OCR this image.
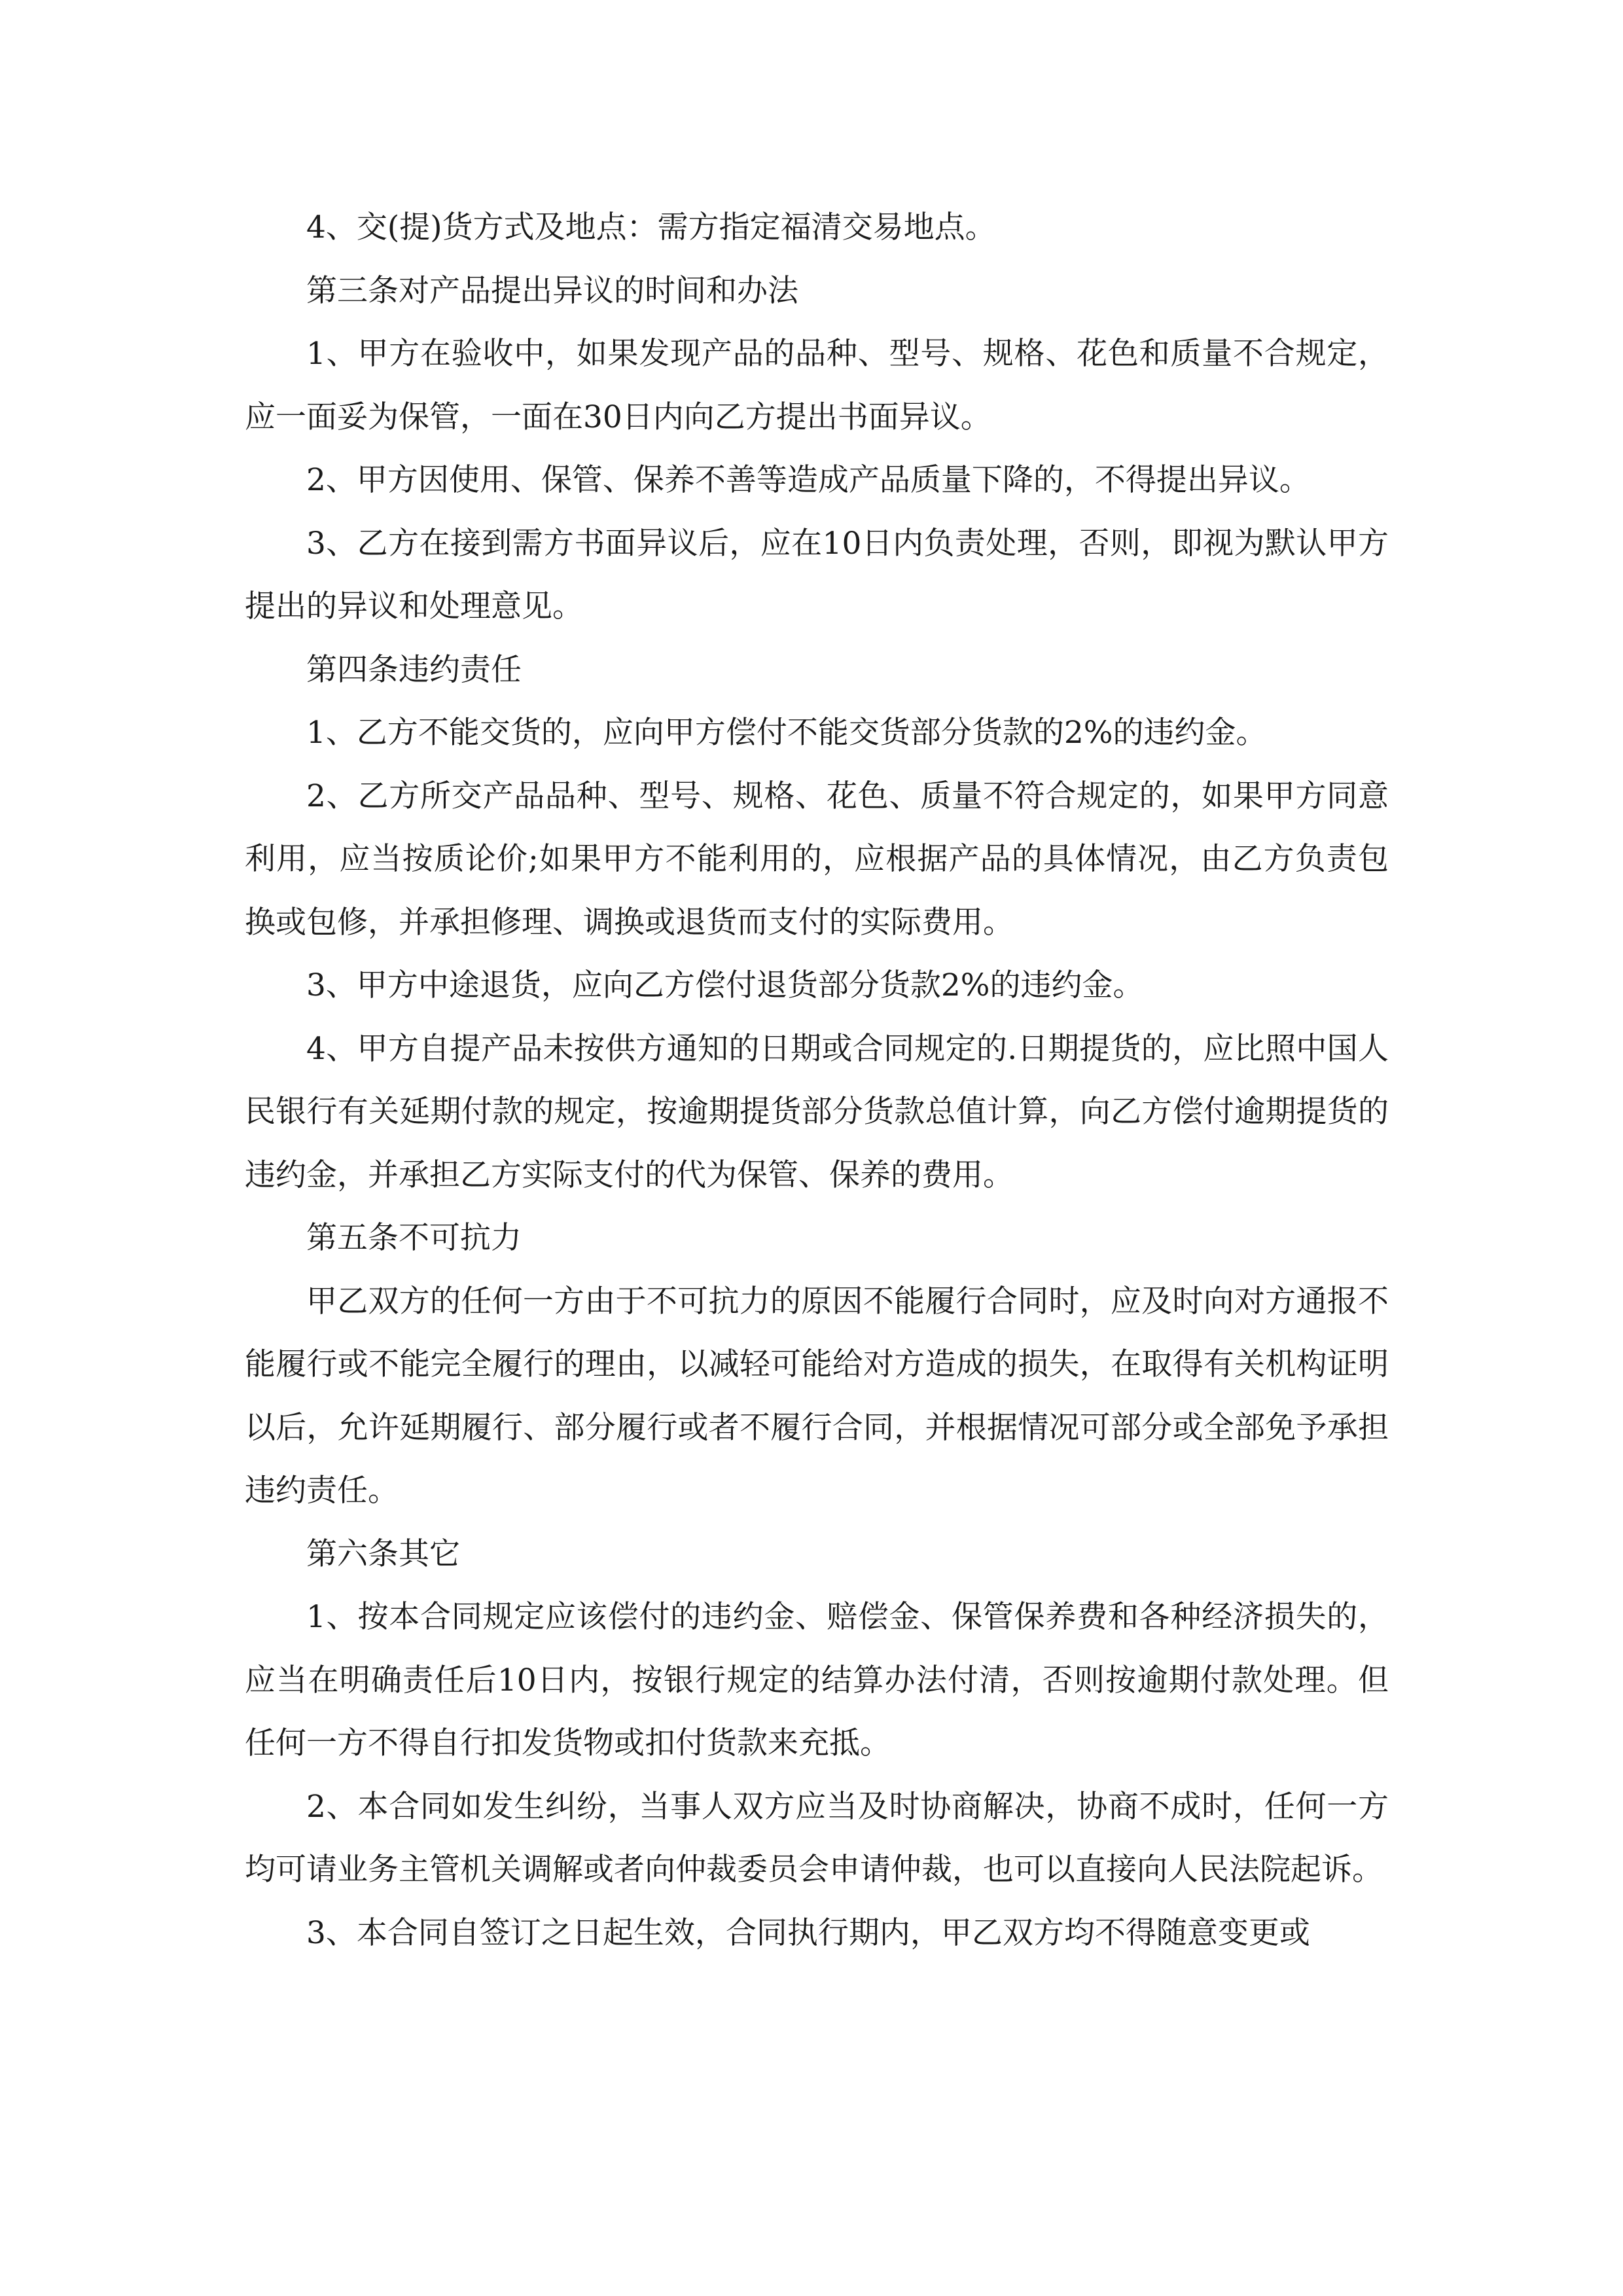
4、交(提)货方式及地点：需方指定福清交易地点。

第三条对产品提出异议的时间和办法

1、甲方在验收中，如果发现产品的品种、型号、规格、花色和质量不合规定，应一面妥为保管，一面在30日内向乙方提出书面异议。

2、甲方因使用、保管、保养不善等造成产品质量下降的，不得提出异议。

3、乙方在接到需方书面异议后，应在10日内负责处理，否则，即视为默认甲方提出的异议和处理意见。

第四条违约责任

1、乙方不能交货的，应向甲方偿付不能交货部分货款的2%的违约金。

2、乙方所交产品品种、型号、规格、花色、质量不符合规定的，如果甲方同意利用，应当按质论价;如果甲方不能利用的，应根据产品的具体情况，由乙方负责包换或包修，并承担修理、调换或退货而支付的实际费用。

3、甲方中途退货，应向乙方偿付退货部分货款2%的违约金。

4、甲方自提产品未按供方通知的日期或合同规定的.日期提货的，应比照中国人民银行有关延期付款的规定，按逾期提货部分货款总值计算，向乙方偿付逾期提货的违约金，并承担乙方实际支付的代为保管、保养的费用。

第五条不可抗力

甲乙双方的任何一方由于不可抗力的原因不能履行合同时，应及时向对方通报不能履行或不能完全履行的理由，以减轻可能给对方造成的损失，在取得有关机构证明以后，允许延期履行、部分履行或者不履行合同，并根据情况可部分或全部免予承担违约责任。

第六条其它

1、按本合同规定应该偿付的违约金、赔偿金、保管保养费和各种经济损失的，应当在明确责任后10日内，按银行规定的结算办法付清，否则按逾期付款处理。但任何一方不得自行扣发货物或扣付货款来充抵。

2、本合同如发生纠纷，当事人双方应当及时协商解决，协商不成时，任何一方均可请业务主管机关调解或者向仲裁委员会申请仲裁，也可以直接向人民法院起诉。

3、本合同自签订之日起生效，合同执行期内，甲乙双方均不得随意变更或
